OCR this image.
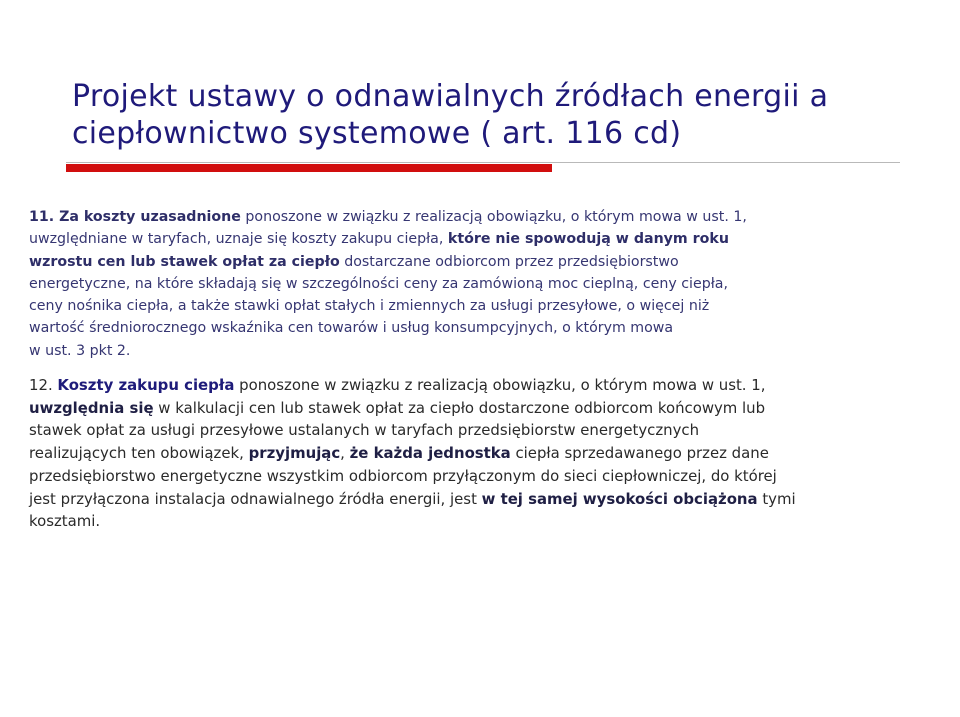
Projekt ustawy o odnawialnych źródłach energii a
ciepłownictwo systemowe ( art. 116 cd)

11. Za koszty uzasadnione ponoszone w związku z realizacją obowiązku, o którym mowa w ust. 1,
uwzględniane w taryfach, uznaje się koszty zakupu ciepła, które nie spowodują w danym roku
wzrostu cen lub stawek opłat za ciepło dostarczane odbiorcom przez przedsiębiorstwo
energetyczne, na które składają się w szczególności ceny za zamówioną moc cieplną, ceny ciepła,
ceny nośnika ciepła, a także stawki opłat stałych i zmiennych za usługi przesyłowe, o więcej niż
wartość średniorocznego wskaźnika cen towarów i usług konsumpcyjnych, o którym mowa
w ust. 3 pkt 2.

12. Koszty zakupu ciepła ponoszone w związku z realizacją obowiązku, o którym mowa w ust. 1,
uwzględnia się w kalkulacji cen lub stawek opłat za ciepło dostarczone odbiorcom końcowym lub
stawek opłat za usługi przesyłowe ustalanych w taryfach przedsiębiorstw energetycznych
realizujących ten obowiązek, przyjmując, że każda jednostka ciepła sprzedawanego przez dane
przedsiębiorstwo energetyczne wszystkim odbiorcom przyłączonym do sieci ciepłowniczej, do której
jest przyłączona instalacja odnawialnego źródła energii, jest w tej samej wysokości obciążona tymi
kosztami.
